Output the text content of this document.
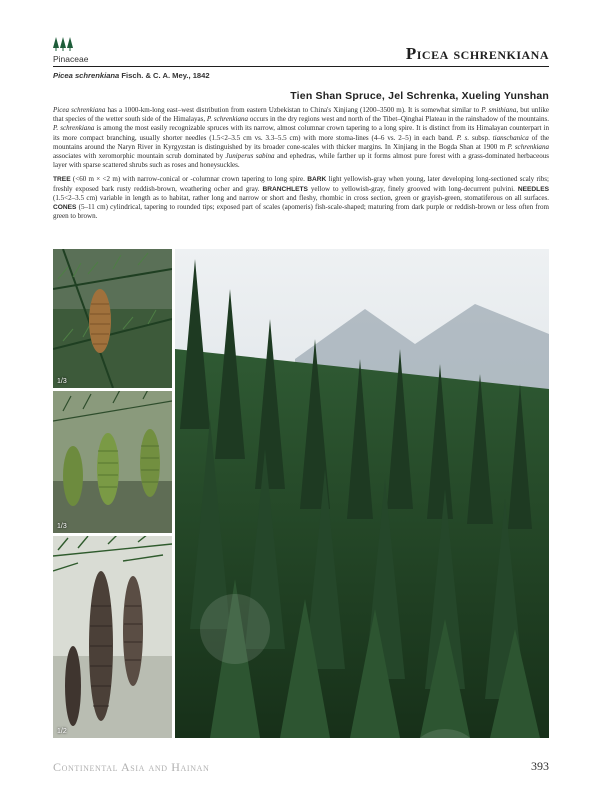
Pinaceae	Picea schrenkiana
Picea schrenkiana Fisch. & C. A. Mey., 1842
Tien Shan Spruce, Jel Schrenka, Xueling Yunshan

Picea schrenkiana has a 1000-km-long east–west distribution from eastern Uzbekistan to China's Xinjiang (1200–3500 m). It is somewhat similar to P. smithiana, but unlike that species of the wetter south side of the Himalayas, P. schrenkiana occurs in the dry regions west and north of the Tibet–Qinghai Plateau in the rainshadow of the mountains. P. schrenkiana is among the most easily recognizable spruces with its narrow, almost columnar crown tapering to a long spire. It is distinct from its Himalayan counterpart in its more compact branching, usually shorter needles (1.5<2–3.5 cm vs. 3.3–5.5 cm) with more stoma-lines (4–6 vs. 2–5) in each band. P. s. subsp. tianschanica of the mountains around the Naryn River in Kyrgyzstan is distinguished by its broader cone-scales with thicker margins. In Xinjiang in the Bogda Shan at 1900 m P. schrenkiana associates with xeromorphic mountain scrub dominated by Juniperus sabina and ephedras, while farther up it forms almost pure forest with a grass-dominated herbaceous layer with sparse scattered shrubs such as roses and honeysuckles.

TREE (<60 m × <2 m) with narrow-conical or -columnar crown tapering to long spire. BARK light yellowish-gray when young, later developing long-sectioned scaly ribs; freshly exposed bark rusty reddish-brown, weathering ocher and gray. BRANCHLETS yellow to yellowish-gray, finely grooved with long-decurrent pulvini. NEEDLES (1.5<2–3.5 cm) variable in length as to habitat, rather long and narrow or short and fleshy, rhombic in cross section, green or grayish-green, stomatiferous on all surfaces. CONES (5–11 cm) cylindrical, tapering to rounded tips; exposed part of scales (apomeris) fish-scale-shaped; maturing from dark purple or reddish-brown or less often from green to brown.

1/3
1/3
1/2
Continental Asia and Hainan	393
